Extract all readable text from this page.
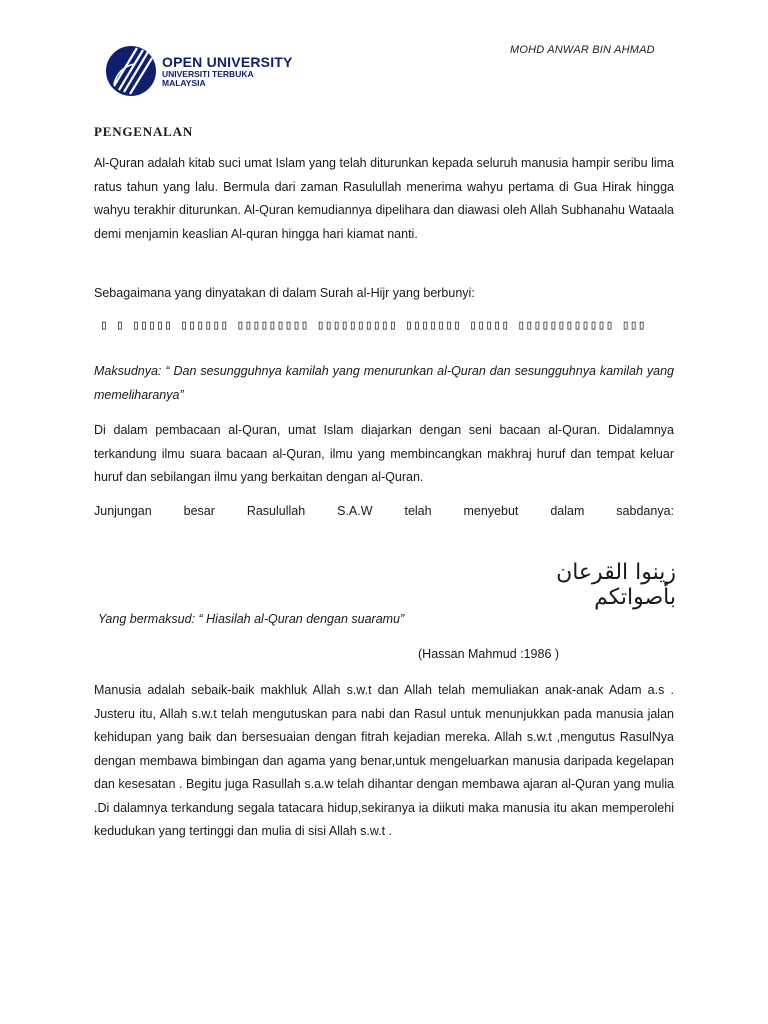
OPEN UNIVERSITY
UNIVERSITI TERBUKA
MALAYSIA
MOHD ANWAR BIN AHMAD
PENGENALAN

Al-Quran adalah kitab suci umat Islam yang telah diturunkan kepada seluruh manusia hampir seribu lima ratus tahun yang lalu. Bermula dari zaman Rasulullah menerima wahyu pertama di Gua Hirak hingga wahyu terakhir diturunkan. Al-Quran kemudiannya dipelihara dan diawasi oleh Allah Subhanahu Wataala demi menjamin keaslian Al-quran hingga hari kiamat nanti.

Sebagaimana yang dinyatakan di dalam Surah al-Hijr yang berbunyi:

▯ ▯ ▯▯▯▯▯ ▯▯▯▯▯▯ ▯▯▯▯▯▯▯▯▯ ▯▯▯▯▯▯▯▯▯▯ ▯▯▯▯▯▯▯ ▯▯▯▯▯ ▯▯▯▯▯▯▯▯▯▯▯▯ ▯▯▯

Maksudnya: “ Dan sesungguhnya kamilah yang menurunkan al-Quran dan sesungguhnya kamilah yang memeliharanya”

Di dalam pembacaan al-Quran, umat Islam diajarkan dengan seni bacaan al-Quran. Didalamnya terkandung ilmu suara bacaan al-Quran, ilmu yang membincangkan makhraj huruf dan tempat keluar huruf dan sebilangan ilmu yang berkaitan dengan al-Quran.

Junjungan besar Rasulullah S.A.W telah menyebut dalam sabdanya:

زينوا القرعان بأصواتكم

Yang bermaksud: “ Hiasilah al-Quran dengan suaramu”

(Hassan Mahmud :1986 )

Manusia adalah sebaik-baik makhluk Allah s.w.t dan Allah telah memuliakan anak-anak Adam a.s . Justeru itu, Allah s.w.t telah mengutuskan para nabi dan Rasul untuk menunjukkan pada manusia jalan kehidupan yang baik dan bersesuaian dengan fitrah kejadian mereka. Allah s.w.t ,mengutus RasulNya dengan membawa bimbingan dan agama yang benar,untuk mengeluarkan manusia daripada kegelapan dan kesesatan . Begitu juga Rasullah s.a.w telah dihantar dengan membawa ajaran al-Quran yang mulia .Di dalamnya terkandung segala tatacara hidup,sekiranya ia diikuti maka manusia itu akan memperolehi kedudukan yang tertinggi dan mulia di sisi Allah s.w.t .
